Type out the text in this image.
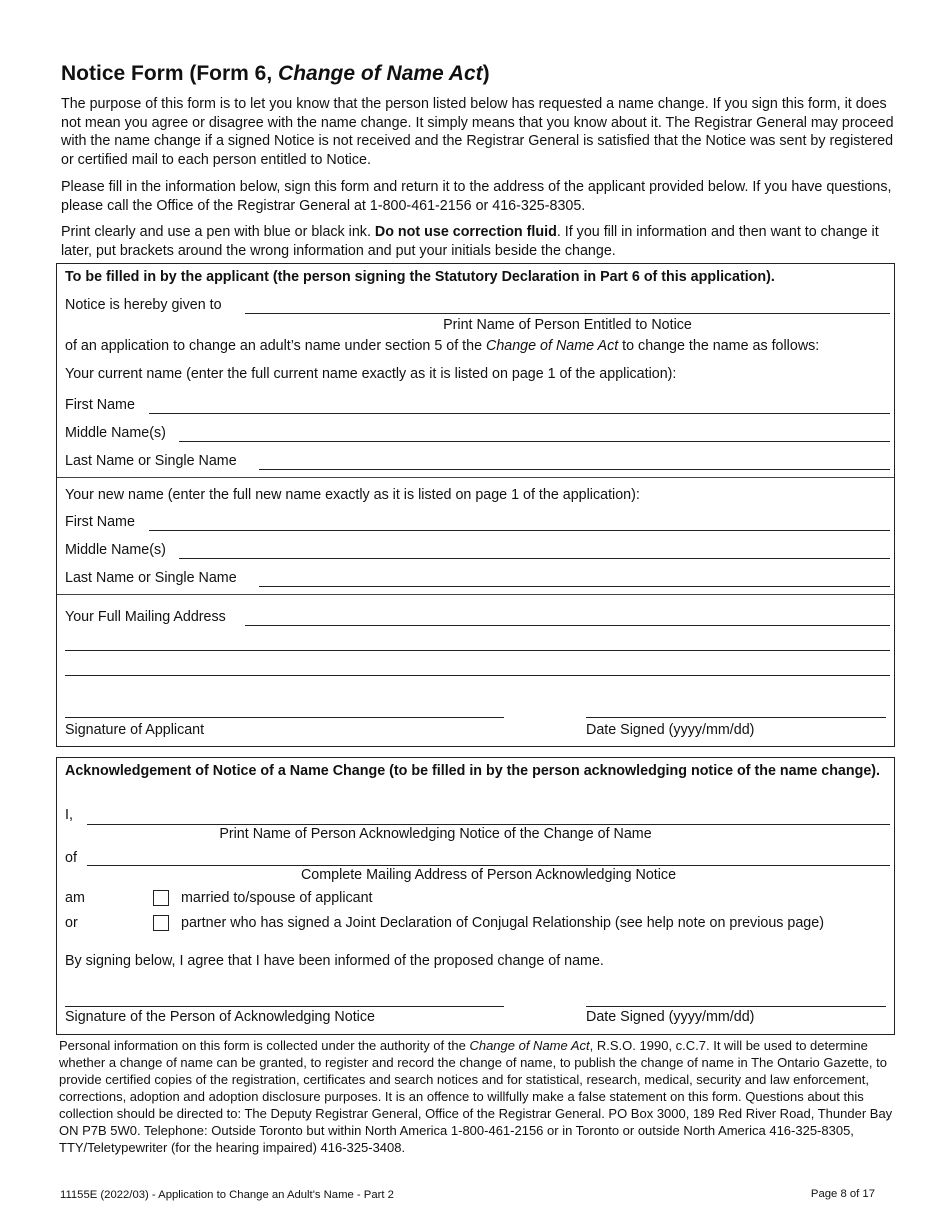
Notice Form (Form 6, Change of Name Act)
The purpose of this form is to let you know that the person listed below has requested a name change. If you sign this form, it does not mean you agree or disagree with the name change. It simply means that you know about it. The Registrar General may proceed with the name change if a signed Notice is not received and the Registrar General is satisfied that the Notice was sent by registered or certified mail to each person entitled to Notice.
Please fill in the information below, sign this form and return it to the address of the applicant provided below. If you have questions, please call the Office of the Registrar General at 1-800-461-2156 or 416-325-8305.
Print clearly and use a pen with blue or black ink. Do not use correction fluid. If you fill in information and then want to change it later, put brackets around the wrong information and put your initials beside the change.
To be filled in by the applicant (the person signing the Statutory Declaration in Part 6 of this application).
Notice is hereby given to
Print Name of Person Entitled to Notice
of an application to change an adult’s name under section 5 of the Change of Name Act to change the name as follows:
Your current name (enter the full current name exactly as it is listed on page 1 of the application):
First Name
Middle Name(s)
Last Name or Single Name
Your new name (enter the full new name exactly as it is listed on page 1 of the application):
First Name
Middle Name(s)
Last Name or Single Name
Your Full Mailing Address
Signature of Applicant	Date Signed (yyyy/mm/dd)
Acknowledgement of Notice of a Name Change (to be filled in by the person acknowledging notice of the name change).
I,
Print Name of Person Acknowledging Notice of the Change of Name
of
Complete Mailing Address of Person Acknowledging Notice
am	married to/spouse of applicant
or	partner who has signed a Joint Declaration of Conjugal Relationship (see help note on previous page)
By signing below, I agree that I have been informed of the proposed change of name.
Signature of the Person of Acknowledging Notice	Date Signed (yyyy/mm/dd)
Personal information on this form is collected under the authority of the Change of Name Act, R.S.O. 1990, c.C.7. It will be used to determine whether a change of name can be granted, to register and record the change of name, to publish the change of name in The Ontario Gazette, to provide certified copies of the registration, certificates and search notices and for statistical, research, medical, security and law enforcement, corrections, adoption and adoption disclosure purposes. It is an offence to willfully make a false statement on this form. Questions about this collection should be directed to: The Deputy Registrar General, Office of the Registrar General. PO Box 3000, 189 Red River Road, Thunder Bay ON P7B 5W0. Telephone: Outside Toronto but within North America 1-800-461-2156 or in Toronto or outside North America 416-325-8305, TTY/Teletypewriter (for the hearing impaired) 416-325-3408.
11155E (2022/03) - Application to Change an Adult's Name - Part 2	Page 8 of 17
